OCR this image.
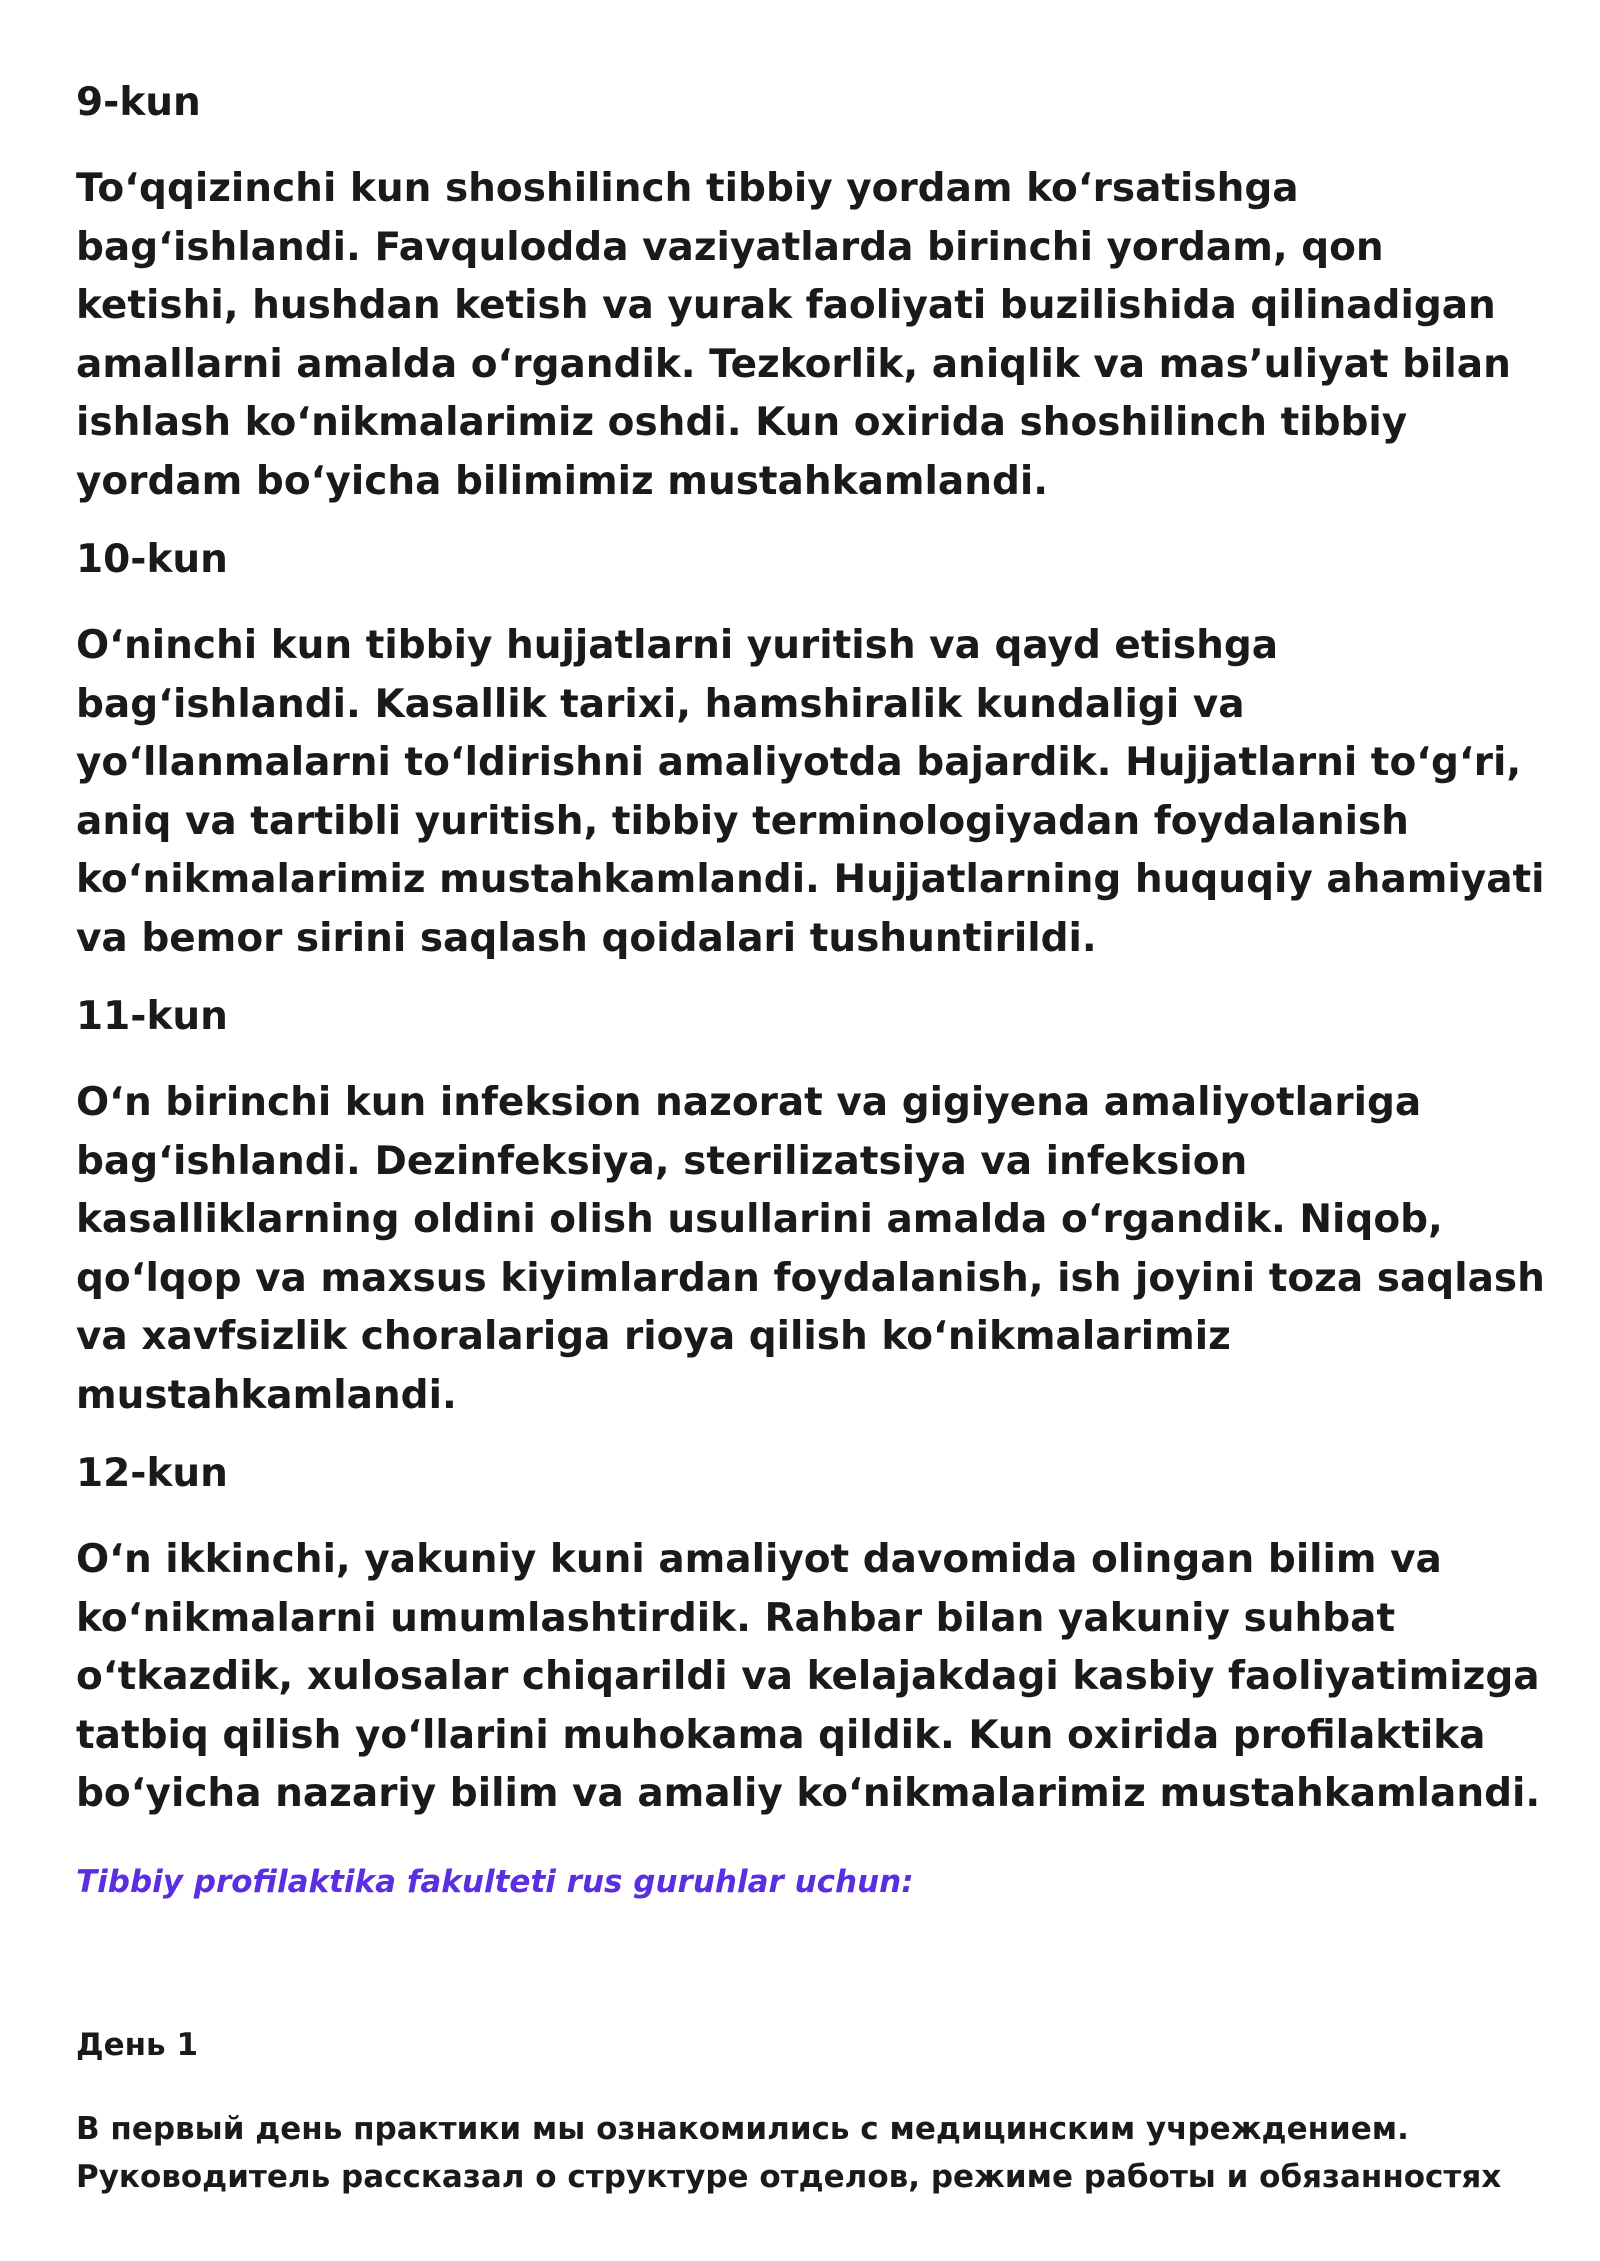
9-kun

To‘qqizinchi kun shoshilinch tibbiy yordam ko‘rsatishga bag‘ishlandi. Favqulodda vaziyatlarda birinchi yordam, qon ketishi, hushdan ketish va yurak faoliyati buzilishida qilinadigan amallarni amalda o‘rgandik. Tezkorlik, aniqlik va mas’uliyat bilan ishlash ko‘nikmalarimiz oshdi. Kun oxirida shoshilinch tibbiy yordam bo‘yicha bilimimiz mustahkamlandi.

10-kun

O‘ninchi kun tibbiy hujjatlarni yuritish va qayd etishga bag‘ishlandi. Kasallik tarixi, hamshiralik kundaligi va yo‘llanmalarni to‘ldirishni amaliyotda bajardik. Hujjatlarni to‘g‘ri, aniq va tartibli yuritish, tibbiy terminologiyadan foydalanish ko‘nikmalarimiz mustahkamlandi. Hujjatlarning huquqiy ahamiyati va bemor sirini saqlash qoidalari tushuntirildi.

11-kun

O‘n birinchi kun infeksion nazorat va gigiyena amaliyotlariga bag‘ishlandi. Dezinfeksiya, sterilizatsiya va infeksion kasalliklarning oldini olish usullarini amalda o‘rgandik. Niqob, qo‘lqop va maxsus kiyimlardan foydalanish, ish joyini toza saqlash va xavfsizlik choralariga rioya qilish ko‘nikmalarimiz mustahkamlandi.

12-kun

O‘n ikkinchi, yakuniy kuni amaliyot davomida olingan bilim va ko‘nikmalarni umumlashtirdik. Rahbar bilan yakuniy suhbat o‘tkazdik, xulosalar chiqarildi va kelajakdagi kasbiy faoliyatimizga tatbiq qilish yo‘llarini muhokama qildik. Kun oxirida profilaktika bo‘yicha nazariy bilim va amaliy ko‘nikmalarimiz mustahkamlandi.

Tibbiy profilaktika fakulteti rus guruhlar uchun:

День 1

В первый день практики мы ознакомились с медицинским учреждением. Руководитель рассказал о структуре отделов, режиме работы и обязанностях
